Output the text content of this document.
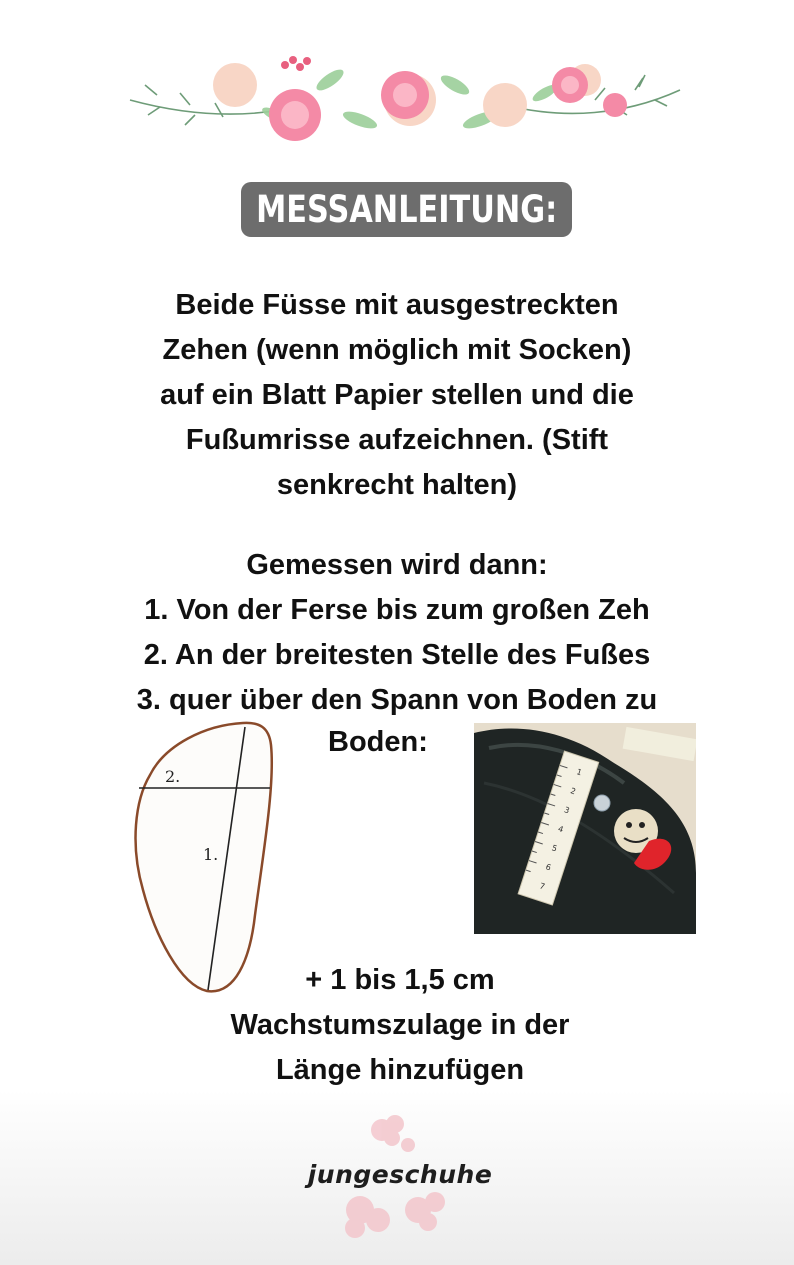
MESSANLEITUNG:
Beide Füsse mit ausgestreckten
Zehen (wenn möglich mit Socken)
auf ein Blatt Papier stellen und die
Fußumrisse aufzeichnen. (Stift
senkrecht halten)
Gemessen wird dann:
1. Von der Ferse bis zum großen Zeh
2. An der breitesten Stelle des Fußes
3. quer über den Spann von Boden zu
Boden:
2.
1.
1
2
3
4
5
6
7
+ 1 bis 1,5 cm
Wachstumszulage in der
Länge hinzufügen
jungeschuhe
